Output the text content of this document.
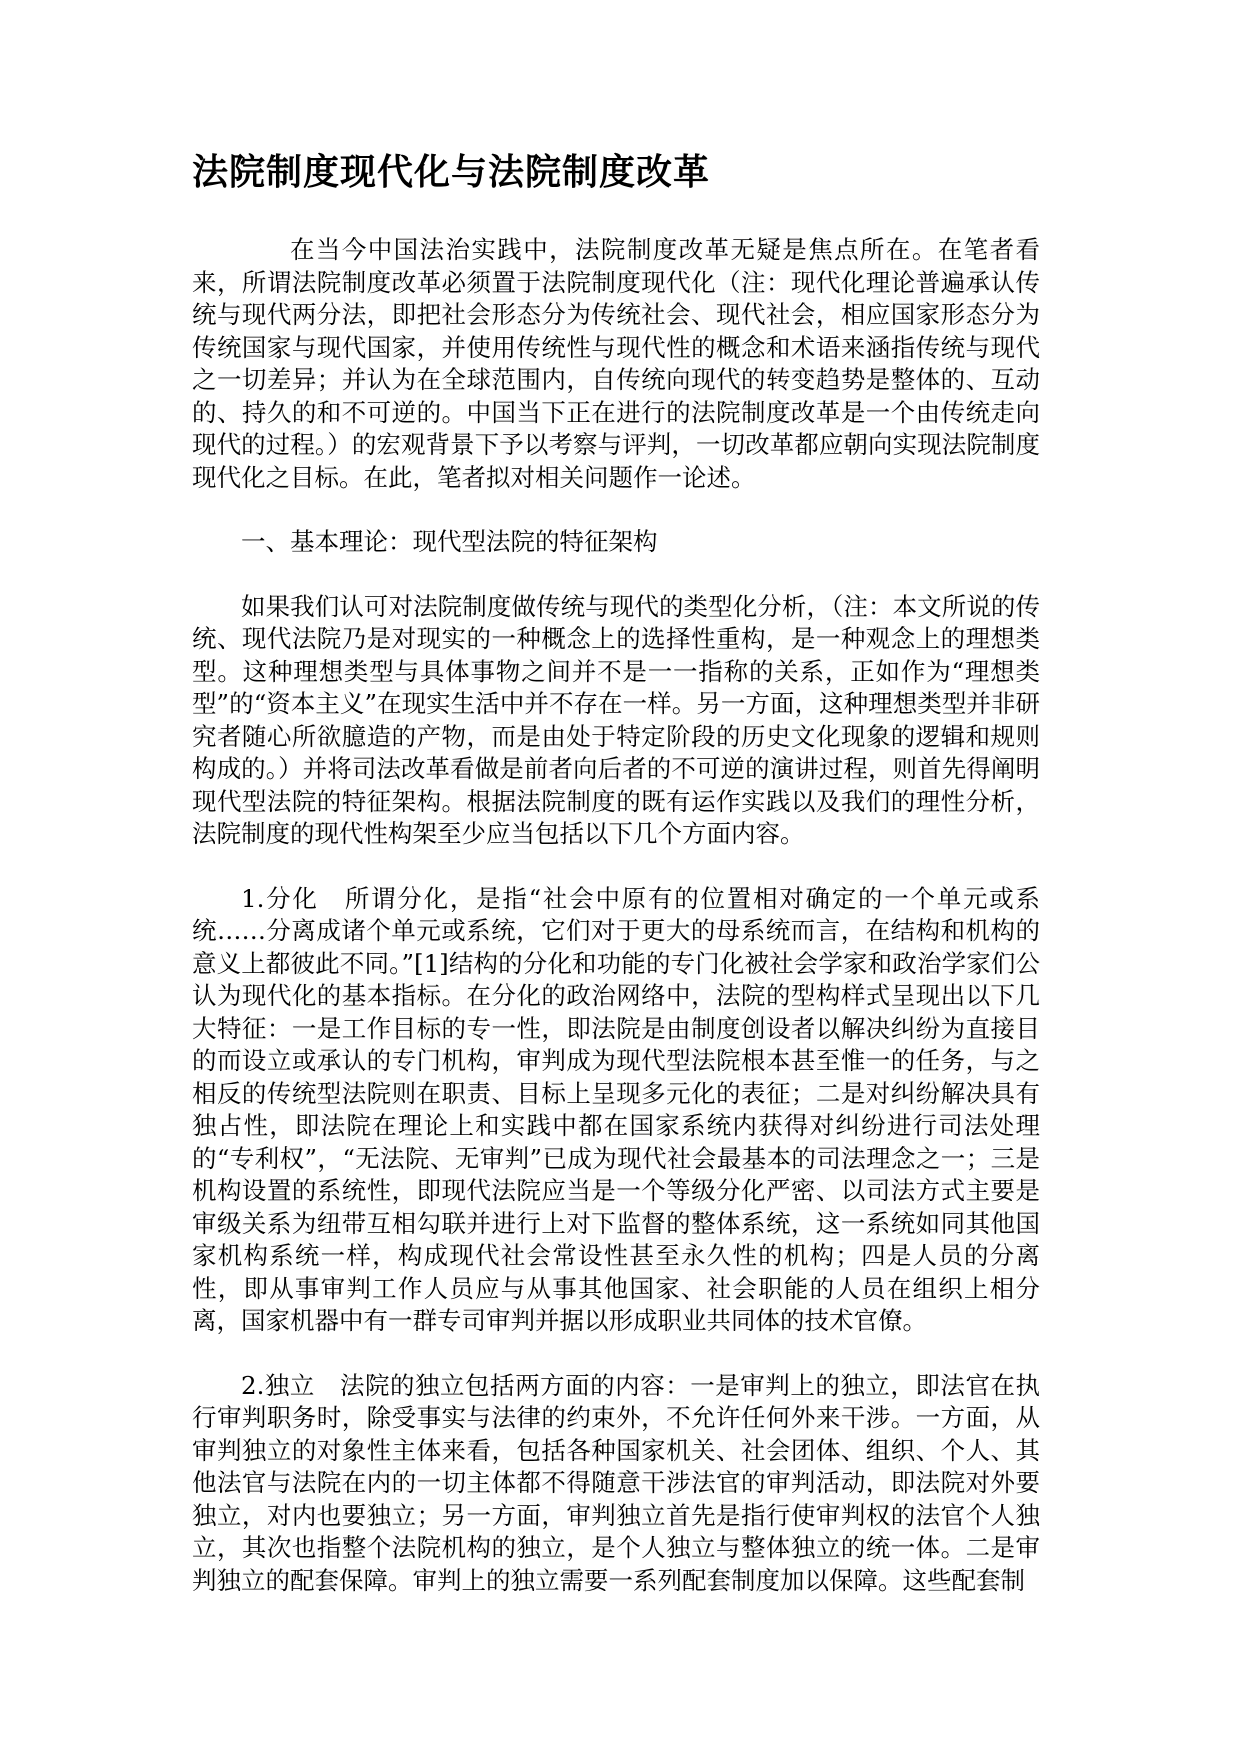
法院制度现代化与法院制度改革

在当今中国法治实践中，法院制度改革无疑是焦点所在。在笔者看来，所谓法院制度改革必须置于法院制度现代化（注：现代化理论普遍承认传统与现代两分法，即把社会形态分为传统社会、现代社会，相应国家形态分为传统国家与现代国家，并使用传统性与现代性的概念和术语来涵指传统与现代之一切差异；并认为在全球范围内，自传统向现代的转变趋势是整体的、互动的、持久的和不可逆的。中国当下正在进行的法院制度改革是一个由传统走向现代的过程。）的宏观背景下予以考察与评判，一切改革都应朝向实现法院制度现代化之目标。在此，笔者拟对相关问题作一论述。

一、基本理论：现代型法院的特征架构

如果我们认可对法院制度做传统与现代的类型化分析，（注：本文所说的传统、现代法院乃是对现实的一种概念上的选择性重构，是一种观念上的理想类型。这种理想类型与具体事物之间并不是一一指称的关系，正如作为“理想类型”的“资本主义”在现实生活中并不存在一样。另一方面，这种理想类型并非研究者随心所欲臆造的产物，而是由处于特定阶段的历史文化现象的逻辑和规则构成的。）并将司法改革看做是前者向后者的不可逆的演讲过程，则首先得阐明现代型法院的特征架构。根据法院制度的既有运作实践以及我们的理性分析，法院制度的现代性构架至少应当包括以下几个方面内容。

1.分化　所谓分化，是指“社会中原有的位置相对确定的一个单元或系统……分离成诸个单元或系统，它们对于更大的母系统而言，在结构和机构的意义上都彼此不同。”[1]结构的分化和功能的专门化被社会学家和政治学家们公认为现代化的基本指标。在分化的政治网络中，法院的型构样式呈现出以下几大特征：一是工作目标的专一性，即法院是由制度创设者以解决纠纷为直接目的而设立或承认的专门机构，审判成为现代型法院根本甚至惟一的任务，与之相反的传统型法院则在职责、目标上呈现多元化的表征；二是对纠纷解决具有独占性，即法院在理论上和实践中都在国家系统内获得对纠纷进行司法处理的“专利权”，“无法院、无审判”已成为现代社会最基本的司法理念之一；三是机构设置的系统性，即现代法院应当是一个等级分化严密、以司法方式主要是审级关系为纽带互相勾联并进行上对下监督的整体系统，这一系统如同其他国家机构系统一样，构成现代社会常设性甚至永久性的机构；四是人员的分离性，即从事审判工作人员应与从事其他国家、社会职能的人员在组织上相分离，国家机器中有一群专司审判并据以形成职业共同体的技术官僚。

2.独立　法院的独立包括两方面的内容：一是审判上的独立，即法官在执行审判职务时，除受事实与法律的约束外，不允许任何外来干涉。一方面，从审判独立的对象性主体来看，包括各种国家机关、社会团体、组织、个人、其他法官与法院在内的一切主体都不得随意干涉法官的审判活动，即法院对外要独立，对内也要独立；另一方面，审判独立首先是指行使审判权的法官个人独立，其次也指整个法院机构的独立，是个人独立与整体独立的统一体。二是审判独立的配套保障。审判上的独立需要一系列配套制度加以保障。这些配套制
